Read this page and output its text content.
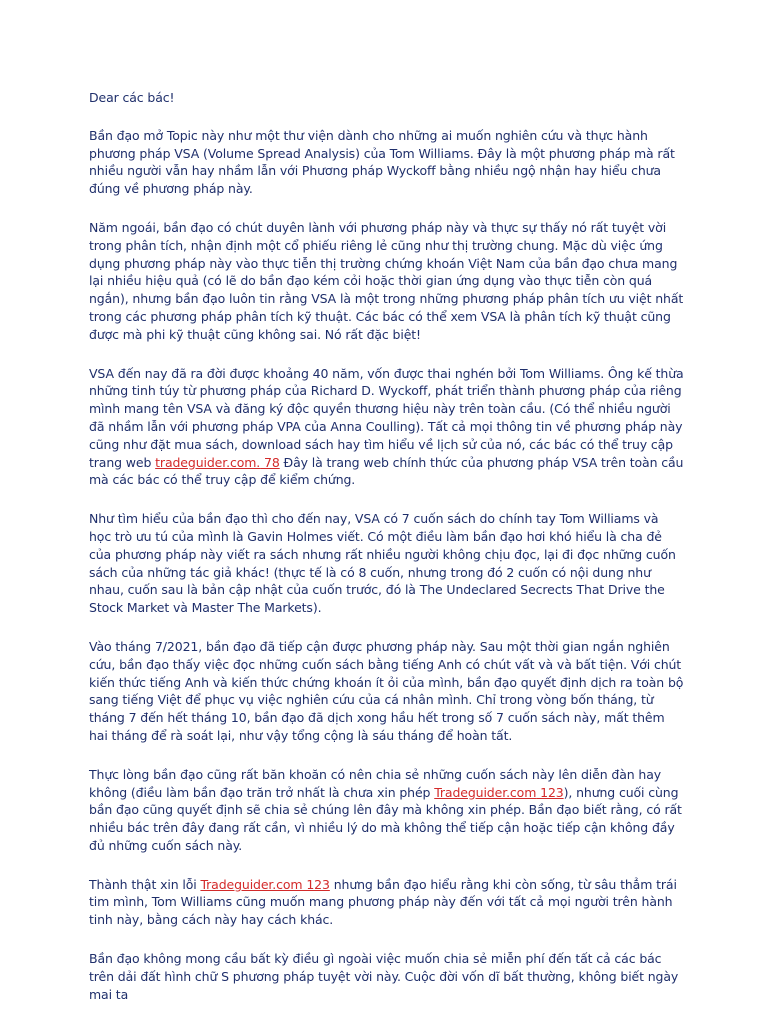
Dear các bác!

Bần đạo mở Topic này như một thư viện dành cho những ai muốn nghiên cứu và thực hành phương pháp VSA (Volume Spread Analysis) của Tom Williams. Đây là một phương pháp mà rất nhiều người vẫn hay nhầm lẫn với Phương pháp Wyckoff bằng nhiều ngộ nhận hay hiểu chưa đúng về phương pháp này.

Năm ngoái, bần đạo có chút duyên lành với phương pháp này và thực sự thấy nó rất tuyệt vời trong phân tích, nhận định một cổ phiếu riêng lẻ cũng như thị trường chung. Mặc dù việc ứng dụng phương pháp này vào thực tiễn thị trường chứng khoán Việt Nam của bần đạo chưa mang lại nhiều hiệu quả (có lẽ do bần đạo kém cỏi hoặc thời gian ứng dụng vào thực tiễn còn quá ngắn), nhưng bần đạo luôn tin rằng VSA là một trong những phương pháp phân tích ưu việt nhất trong các phương pháp phân tích kỹ thuật. Các bác có thể xem VSA là phân tích kỹ thuật cũng được mà phi kỹ thuật cũng không sai. Nó rất đặc biệt!

VSA đến nay đã ra đời được khoảng 40 năm, vốn được thai nghén bởi Tom Williams. Ông kế thừa những tinh túy từ phương pháp của Richard D. Wyckoff, phát triển thành phương pháp của riêng mình mang tên VSA và đăng ký độc quyền thương hiệu này trên toàn cầu. (Có thể nhiều người đã nhầm lẫn với phương pháp VPA của Anna Coulling). Tất cả mọi thông tin về phương pháp này cũng như đặt mua sách, download sách hay tìm hiểu về lịch sử của nó, các bác có thể truy cập trang web tradeguider.com. 78 Đây là trang web chính thức của phương pháp VSA trên toàn cầu mà các bác có thể truy cập để kiểm chứng.

Như tìm hiểu của bần đạo thì cho đến nay, VSA có 7 cuốn sách do chính tay Tom Williams và học trò ưu tú của mình là Gavin Holmes viết. Có một điều làm bần đạo hơi khó hiểu là cha đẻ của phương pháp này viết ra sách nhưng rất nhiều người không chịu đọc, lại đi đọc những cuốn sách của những tác giả khác! (thực tế là có 8 cuốn, nhưng trong đó 2 cuốn có nội dung như nhau, cuốn sau là bản cập nhật của cuốn trước, đó là The Undeclared Secrects That Drive the Stock Market và Master The Markets).

Vào tháng 7/2021, bần đạo đã tiếp cận được phương pháp này. Sau một thời gian ngắn nghiên cứu, bần đạo thấy việc đọc những cuốn sách bằng tiếng Anh có chút vất và và bất tiện. Với chút kiến thức tiếng Anh và kiến thức chứng khoán ít ỏi của mình, bần đạo quyết định dịch ra toàn bộ sang tiếng Việt để phục vụ việc nghiên cứu của cá nhân mình. Chỉ trong vòng bốn tháng, từ tháng 7 đến hết tháng 10, bần đạo đã dịch xong hầu hết trong số 7 cuốn sách này, mất thêm hai tháng để rà soát lại, như vậy tổng cộng là sáu tháng để hoàn tất.

Thực lòng bần đạo cũng rất băn khoăn có nên chia sẻ những cuốn sách này lên diễn đàn hay không (điều làm bần đạo trăn trở nhất là chưa xin phép Tradeguider.com 123), nhưng cuối cùng bần đạo cũng quyết định sẽ chia sẻ chúng lên đây mà không xin phép. Bần đạo biết rằng, có rất nhiều bác trên đây đang rất cần, vì nhiều lý do mà không thể tiếp cận hoặc tiếp cận không đầy đủ những cuốn sách này.

Thành thật xin lỗi Tradeguider.com 123 nhưng bần đạo hiểu rằng khi còn sống, từ sâu thẳm trái tim mình, Tom Williams cũng muốn mang phương pháp này đến với tất cả mọi người trên hành tinh này, bằng cách này hay cách khác.

Bần đạo không mong cầu bất kỳ điều gì ngoài việc muốn chia sẻ miễn phí đến tất cả các bác trên dải đất hình chữ S phương pháp tuyệt vời này. Cuộc đời vốn dĩ bất thường, không biết ngày mai ta
